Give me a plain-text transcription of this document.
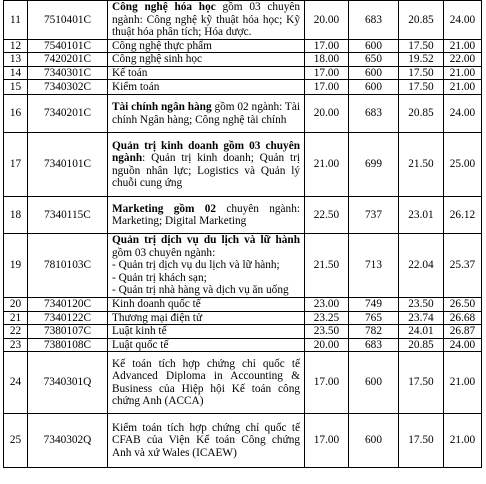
11	7510401C	Công nghệ hóa học gồm 03 chuyên ngành: Công nghệ kỹ thuật hóa học; Kỹ thuật hóa phân tích; Hóa dược.	20.00	683	20.85	24.00
12	7540101C	Công nghệ thực phẩm	17.00	600	17.50	21.00
13	7420201C	Công nghệ sinh học	18.00	650	19.52	22.00
14	7340301C	Kế toán	17.00	600	17.50	21.00
15	7340302C	Kiểm toán	17.00	600	17.50	21.00
16	7340201C	Tài chính ngân hàng gồm 02 ngành: Tài chính Ngân hàng; Công nghệ tài chính	20.00	683	20.85	24.00
17	7340101C	Quản trị kinh doanh gồm 03 chuyên ngành: Quản trị kinh doanh; Quản trị nguồn nhân lực; Logistics và Quản lý chuỗi cung ứng	21.00	699	21.50	25.00
18	7340115C	Marketing gồm 02 chuyên ngành: Marketing; Digital Marketing	22.50	737	23.01	26.12
19	7810103C	Quản trị dịch vụ du lịch và lữ hành gồm 03 chuyên ngành:
- Quản trị dịch vụ du lịch và lữ hành;
- Quản trị khách sạn;
- Quản trị nhà hàng và dịch vụ ăn uống	21.50	713	22.04	25.37
20	7340120C	Kinh doanh quốc tế	23.00	749	23.50	26.50
21	7340122C	Thương mại điện tử	23.25	765	23.74	26.68
22	7380107C	Luật kinh tế	23.50	782	24.01	26.87
23	7380108C	Luật quốc tế	20.00	683	20.85	24.00
24	7340301Q	Kế toán tích hợp chứng chỉ quốc tế Advanced Diploma in Accounting & Business của Hiệp hội Kế toán công chứng Anh (ACCA)	17.00	600	17.50	21.00
25	7340302Q	Kiểm toán tích hợp chứng chỉ quốc tế CFAB của Viện Kế toán Công chứng Anh và xứ Wales (ICAEW)	17.00	600	17.50	21.00
